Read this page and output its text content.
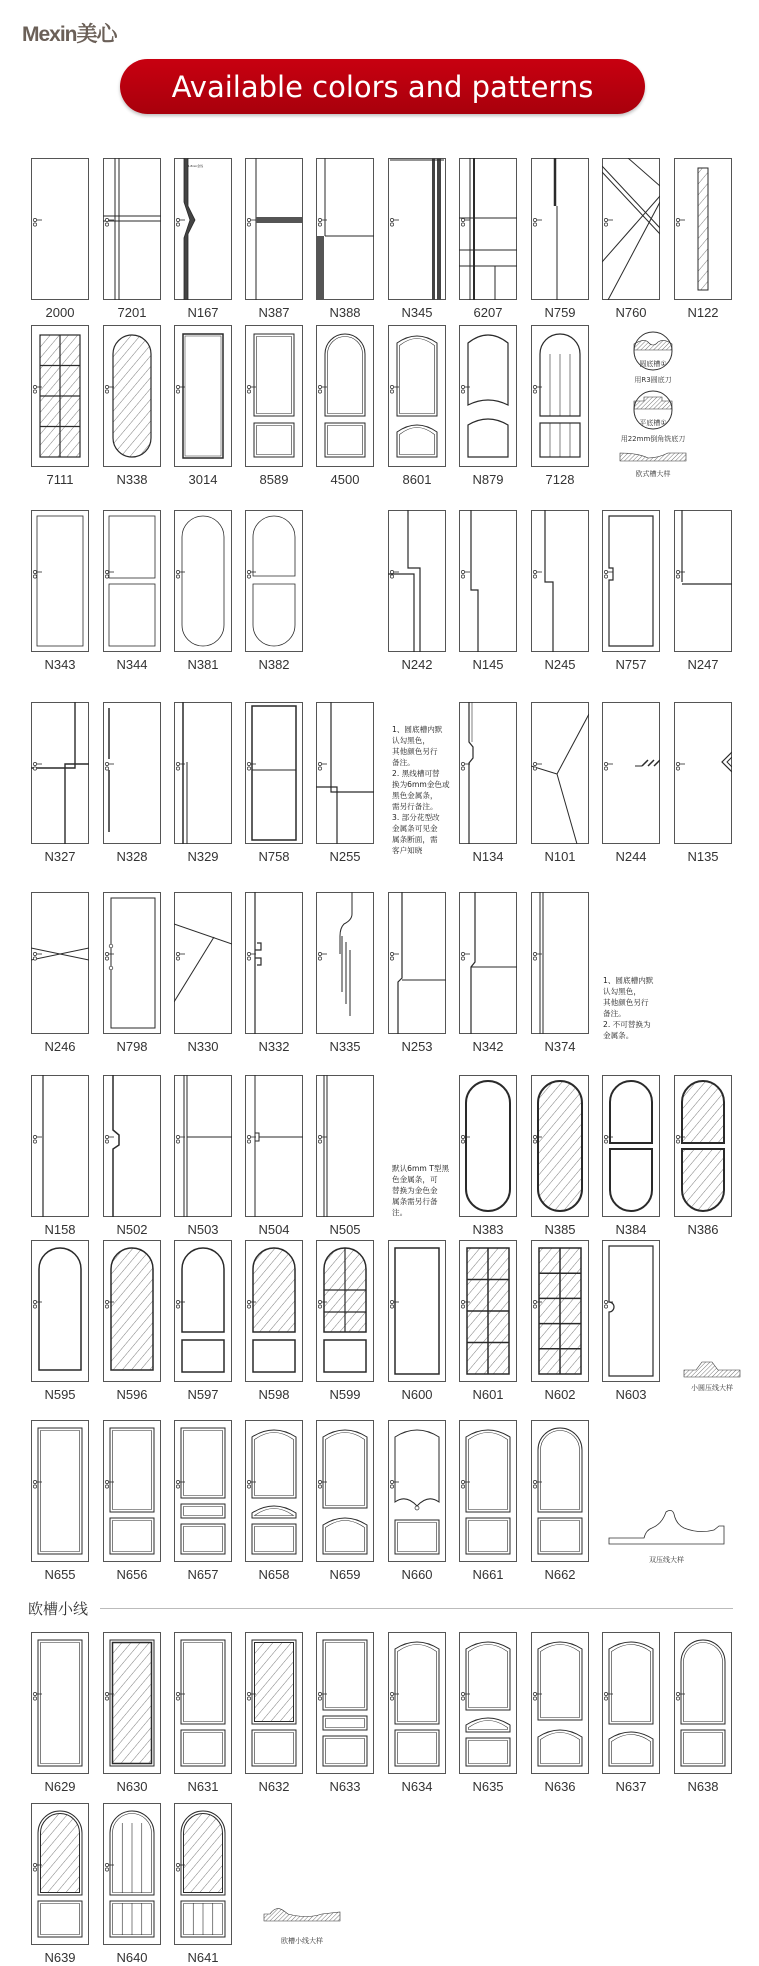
Mexin美心
Available colors and patterns
欧槽小线
2000	7201
1.8mm金线
N167	N387	N388	N345	6207	N759	N760	N122
7111	N338	3014	8589	4500	8601	N879	7128
N343	N344	N381	N382	N242	N145	N245	N757	N247
N327	N328	N329	N758	N255	N134	N101	N244	N135
N246	N798	N330	N332	N335	N253	N342	N374
N158	N502	N503	N504	N505	N383	N385	N384	N386
N595	N596	N597	N598	N599	N600	N601	N602	N603
N655	N656	N657	N658	N659	N660	N661	N662
N629	N630	N631	N632	N633	N634	N635	N636	N637	N638
N639	N640	N641
1、圆底槽内默
认勾黑色，
其他颜色另行
备注。
2. 黑线槽可替
换为6mm金色或
黑色金属条，
需另行备注。
3. 部分花型改
金属条可见金
属条断面，需
客户知晓
1、圆底槽内默
认勾黑色，
其他颜色另行
备注。
2. 不可替换为
金属条。
默认6mm T型黑
色金属条，可
替换为金色金
属条需另行备
注。
圆底槽①
用R3圆底刀
平底槽①
用22mm倒角铣底刀
欧式槽大样
小圆压线大样
双压线大样
欧槽小线大样
